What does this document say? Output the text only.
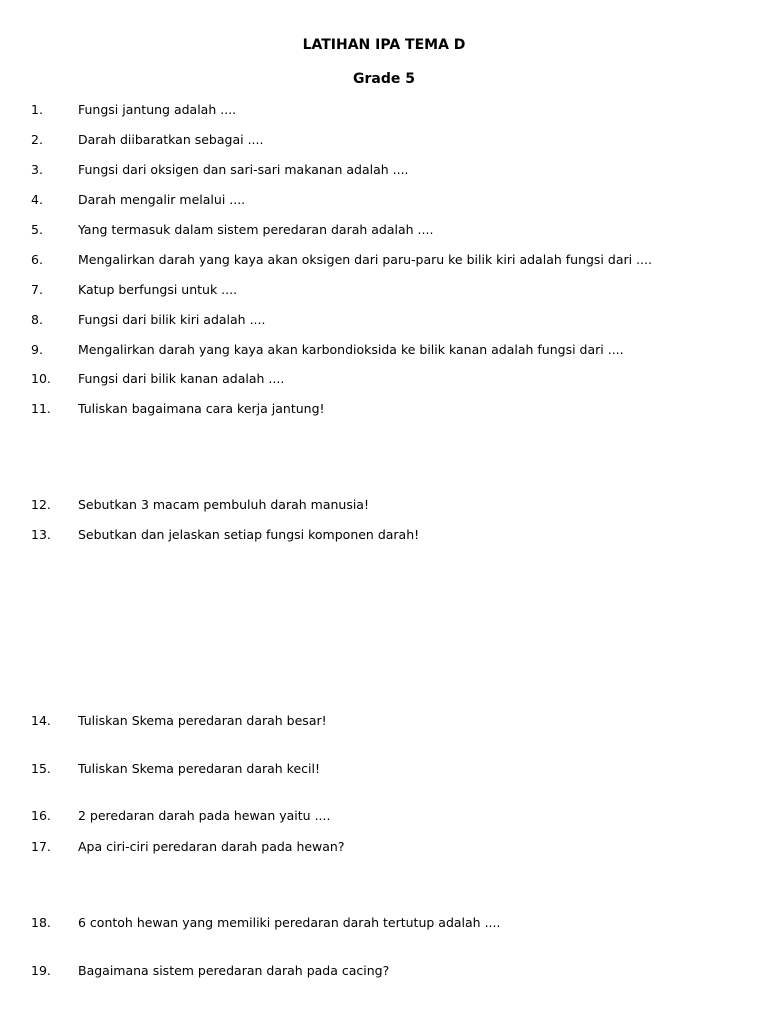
LATIHAN IPA TEMA D
Grade 5
1.	Fungsi jantung adalah ....
2.	Darah diibaratkan sebagai ....
3.	Fungsi dari oksigen dan sari-sari makanan adalah ....
4.	Darah mengalir melalui ....
5.	Yang termasuk dalam sistem peredaran darah adalah ....
6.	Mengalirkan darah yang kaya akan oksigen dari paru-paru ke bilik kiri adalah fungsi dari ....
7.	Katup berfungsi untuk ....
8.	Fungsi dari bilik kiri adalah ....
9.	Mengalirkan darah yang kaya akan karbondioksida ke bilik kanan adalah fungsi dari ....
10. Fungsi dari bilik kanan adalah ....
11. Tuliskan bagaimana cara kerja jantung!
12. Sebutkan 3 macam pembuluh darah manusia!
13. Sebutkan dan jelaskan setiap fungsi komponen darah!
14. Tuliskan Skema peredaran darah besar!
15. Tuliskan Skema peredaran darah kecil!
16. 2 peredaran darah pada hewan yaitu ....
17. Apa ciri-ciri peredaran darah pada hewan?
18. 6 contoh hewan yang memiliki peredaran darah tertutup adalah ....
19. Bagaimana sistem peredaran darah pada cacing?
